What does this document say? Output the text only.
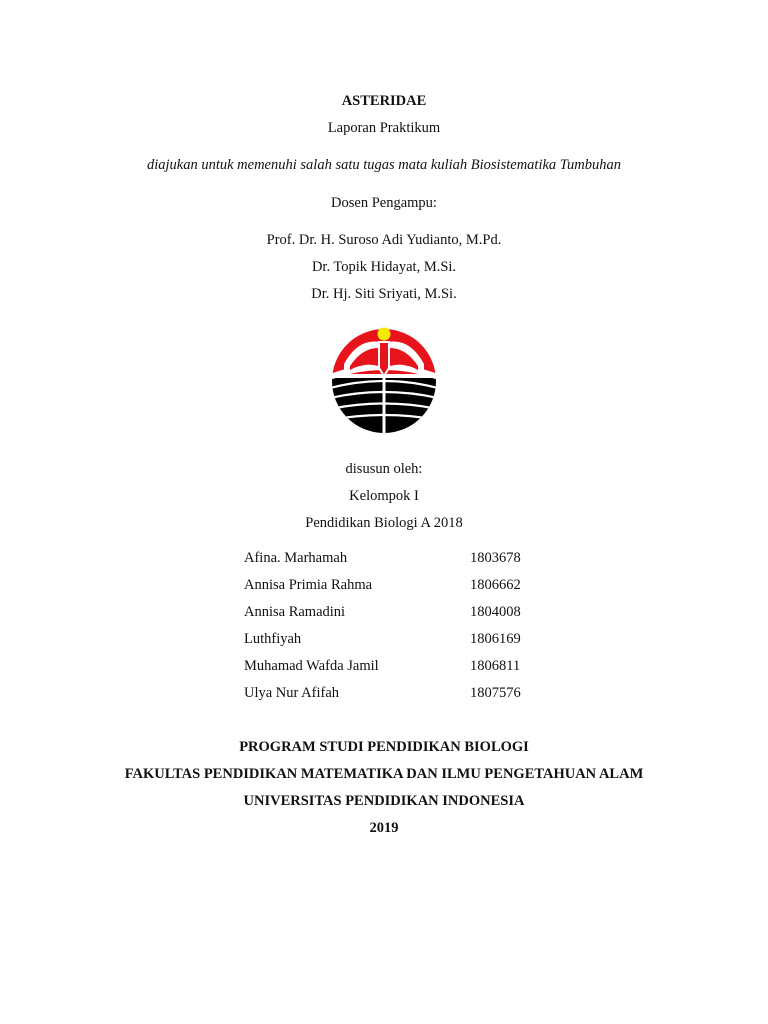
ASTERIDAE
Laporan Praktikum
diajukan untuk memenuhi salah satu tugas mata kuliah Biosistematika Tumbuhan
Dosen Pengampu:
Prof. Dr. H. Suroso Adi Yudianto, M.Pd.
Dr. Topik Hidayat, M.Si.
Dr. Hj. Siti Sriyati, M.Si.
disusun oleh:
Kelompok I
Pendidikan Biologi A 2018
Afina. Marhamah	1803678
Annisa Primia Rahma	1806662
Annisa Ramadini	1804008
Luthfiyah	1806169
Muhamad Wafda Jamil	1806811
Ulya Nur Afifah	1807576
PROGRAM STUDI PENDIDIKAN BIOLOGI
FAKULTAS PENDIDIKAN MATEMATIKA DAN ILMU PENGETAHUAN ALAM
UNIVERSITAS PENDIDIKAN INDONESIA
2019
